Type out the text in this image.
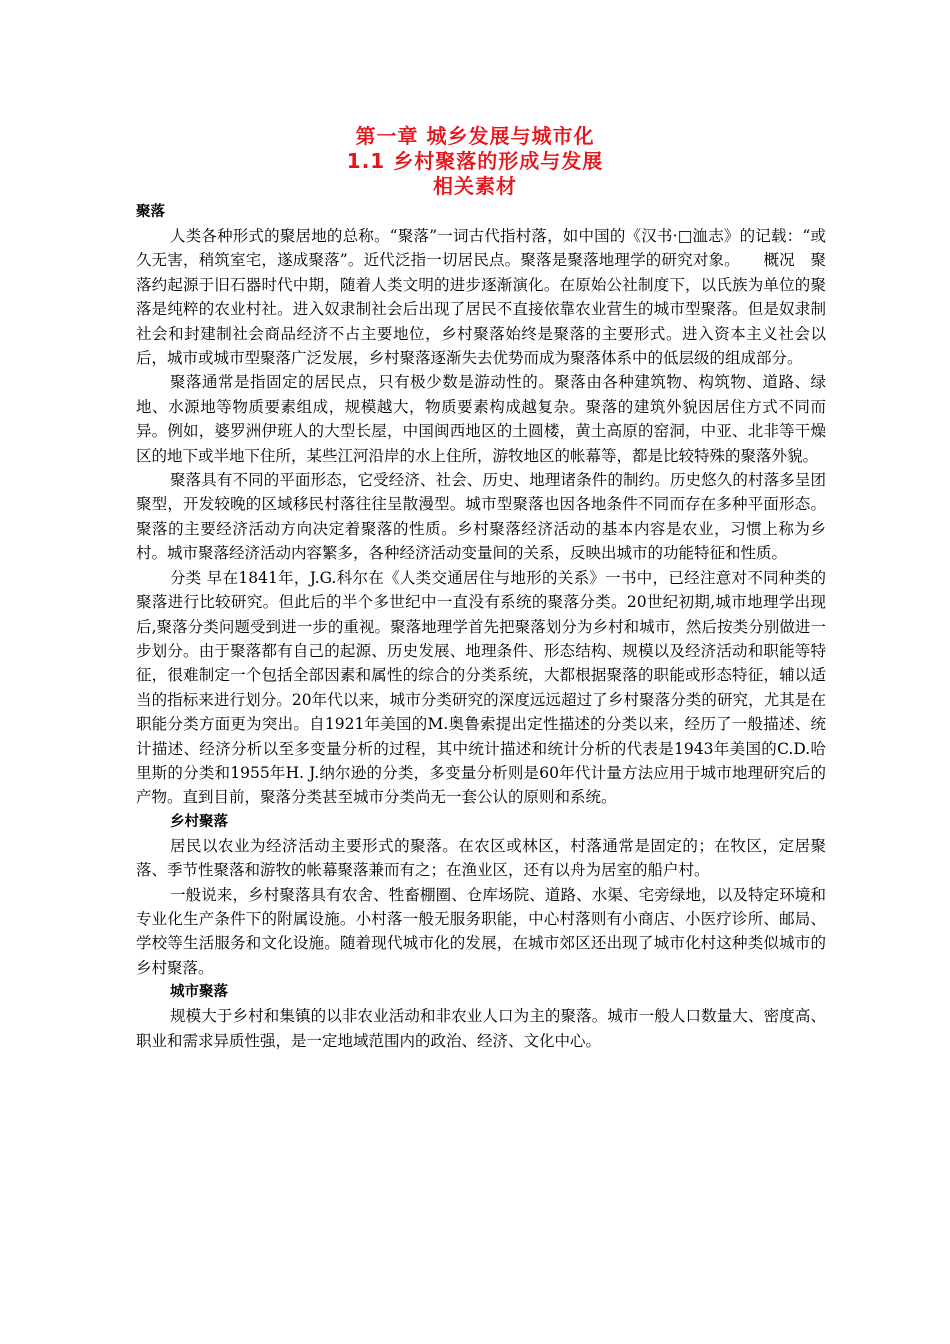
第一章 城乡发展与城市化
1.1 乡村聚落的形成与发展
相关素材
聚落

人类各种形式的聚居地的总称。“聚落”一词古代指村落，如中国的《汉书·□洫志》的记载：“或久无害，稍筑室宅，遂成聚落”。近代泛指一切居民点。聚落是聚落地理学的研究对象。　　概况　聚落约起源于旧石器时代中期，随着人类文明的进步逐渐演化。在原始公社制度下，以氏族为单位的聚落是纯粹的农业村社。进入奴隶制社会后出现了居民不直接依靠农业营生的城市型聚落。但是奴隶制社会和封建制社会商品经济不占主要地位，乡村聚落始终是聚落的主要形式。进入资本主义社会以后，城市或城市型聚落广泛发展，乡村聚落逐渐失去优势而成为聚落体系中的低层级的组成部分。

聚落通常是指固定的居民点，只有极少数是游动性的。聚落由各种建筑物、构筑物、道路、绿地、水源地等物质要素组成，规模越大，物质要素构成越复杂。聚落的建筑外貌因居住方式不同而异。例如，婆罗洲伊班人的大型长屋，中国闽西地区的土圆楼，黄土高原的窑洞，中亚、北非等干燥区的地下或半地下住所，某些江河沿岸的水上住所，游牧地区的帐幕等，都是比较特殊的聚落外貌。

聚落具有不同的平面形态，它受经济、社会、历史、地理诸条件的制约。历史悠久的村落多呈团聚型，开发较晚的区域移民村落往往呈散漫型。城市型聚落也因各地条件不同而存在多种平面形态。聚落的主要经济活动方向决定着聚落的性质。乡村聚落经济活动的基本内容是农业，习惯上称为乡村。城市聚落经济活动内容繁多，各种经济活动变量间的关系，反映出城市的功能特征和性质。

分类 早在1841年，J.G.科尔在《人类交通居住与地形的关系》一书中，已经注意对不同种类的聚落进行比较研究。但此后的半个多世纪中一直没有系统的聚落分类。20世纪初期,城市地理学出现后,聚落分类问题受到进一步的重视。聚落地理学首先把聚落划分为乡村和城市，然后按类分别做进一步划分。由于聚落都有自己的起源、历史发展、地理条件、形态结构、规模以及经济活动和职能等特征，很难制定一个包括全部因素和属性的综合的分类系统，大都根据聚落的职能或形态特征，辅以适当的指标来进行划分。20年代以来，城市分类研究的深度远远超过了乡村聚落分类的研究，尤其是在职能分类方面更为突出。自1921年美国的M.奥鲁索提出定性描述的分类以来，经历了一般描述、统计描述、经济分析以至多变量分析的过程，其中统计描述和统计分析的代表是1943年美国的C.D.哈里斯的分类和1955年H. J.纳尔逊的分类，多变量分析则是60年代计量方法应用于城市地理研究后的产物。直到目前，聚落分类甚至城市分类尚无一套公认的原则和系统。

乡村聚落

居民以农业为经济活动主要形式的聚落。在农区或林区，村落通常是固定的；在牧区，定居聚落、季节性聚落和游牧的帐幕聚落兼而有之；在渔业区，还有以舟为居室的船户村。

一般说来，乡村聚落具有农舍、牲畜棚圈、仓库场院、道路、水渠、宅旁绿地，以及特定环境和专业化生产条件下的附属设施。小村落一般无服务职能，中心村落则有小商店、小医疗诊所、邮局、学校等生活服务和文化设施。随着现代城市化的发展，在城市郊区还出现了城市化村这种类似城市的乡村聚落。

城市聚落

规模大于乡村和集镇的以非农业活动和非农业人口为主的聚落。城市一般人口数量大、密度高、职业和需求异质性强，是一定地域范围内的政治、经济、文化中心。
